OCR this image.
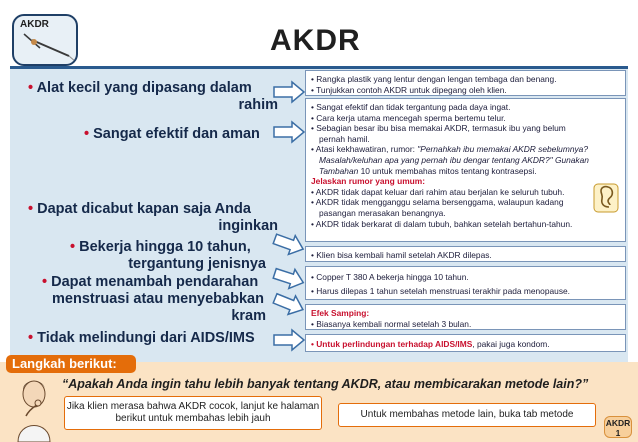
AKDR	AKDR
• Alat kecil yang dipasang dalam
rahim
• Sangat efektif dan aman
• Dapat dicabut kapan saja Anda
inginkan
• Bekerja hingga 10 tahun,
tergantung jenisnya
• Dapat menambah pendarahan
menstruasi atau menyebabkan
kram
• Tidak melindungi dari AIDS/IMS
• Rangka plastik yang lentur dengan lengan tembaga dan benang.
• Tunjukkan contoh AKDR untuk dipegang oleh klien.
• Sangat efektif dan tidak tergantung pada daya ingat.
• Cara kerja utama mencegah sperma bertemu telur.
• Sebagian besar ibu bisa memakai AKDR, termasuk ibu yang belum pernah hamil.
• Atasi kekhawatiran, rumor: "Pernahkah ibu memakai AKDR sebelumnya? Masalah/keluhan apa yang pernah ibu dengar tentang AKDR?" Gunakan Tambahan 10 untuk membahas mitos tentang kontrasepsi.
Jelaskan rumor yang umum:
• AKDR tidak dapat keluar dari rahim atau berjalan ke seluruh tubuh.
• AKDR tidak mengganggu selama bersenggama, walaupun kadang pasangan merasakan benangnya.
• AKDR tidak berkarat di dalam tubuh, bahkan setelah bertahun-tahun.
• Klien bisa kembali hamil setelah AKDR dilepas.
• Copper T 380 A bekerja hingga 10 tahun.
• Harus dilepas 1 tahun setelah menstruasi terakhir pada menopause.
Efek Samping:
• Biasanya kembali normal setelah 3 bulan.
• Untuk perlindungan terhadap AIDS/IMS, pakai juga kondom.
Langkah berikut:
“Apakah Anda ingin tahu lebih banyak tentang AKDR, atau membicarakan metode lain?”
Jika klien merasa bahwa AKDR cocok, lanjut ke halaman berikut untuk membahas lebih jauh	Untuk membahas metode lain, buka tab metode
AKDR
1
